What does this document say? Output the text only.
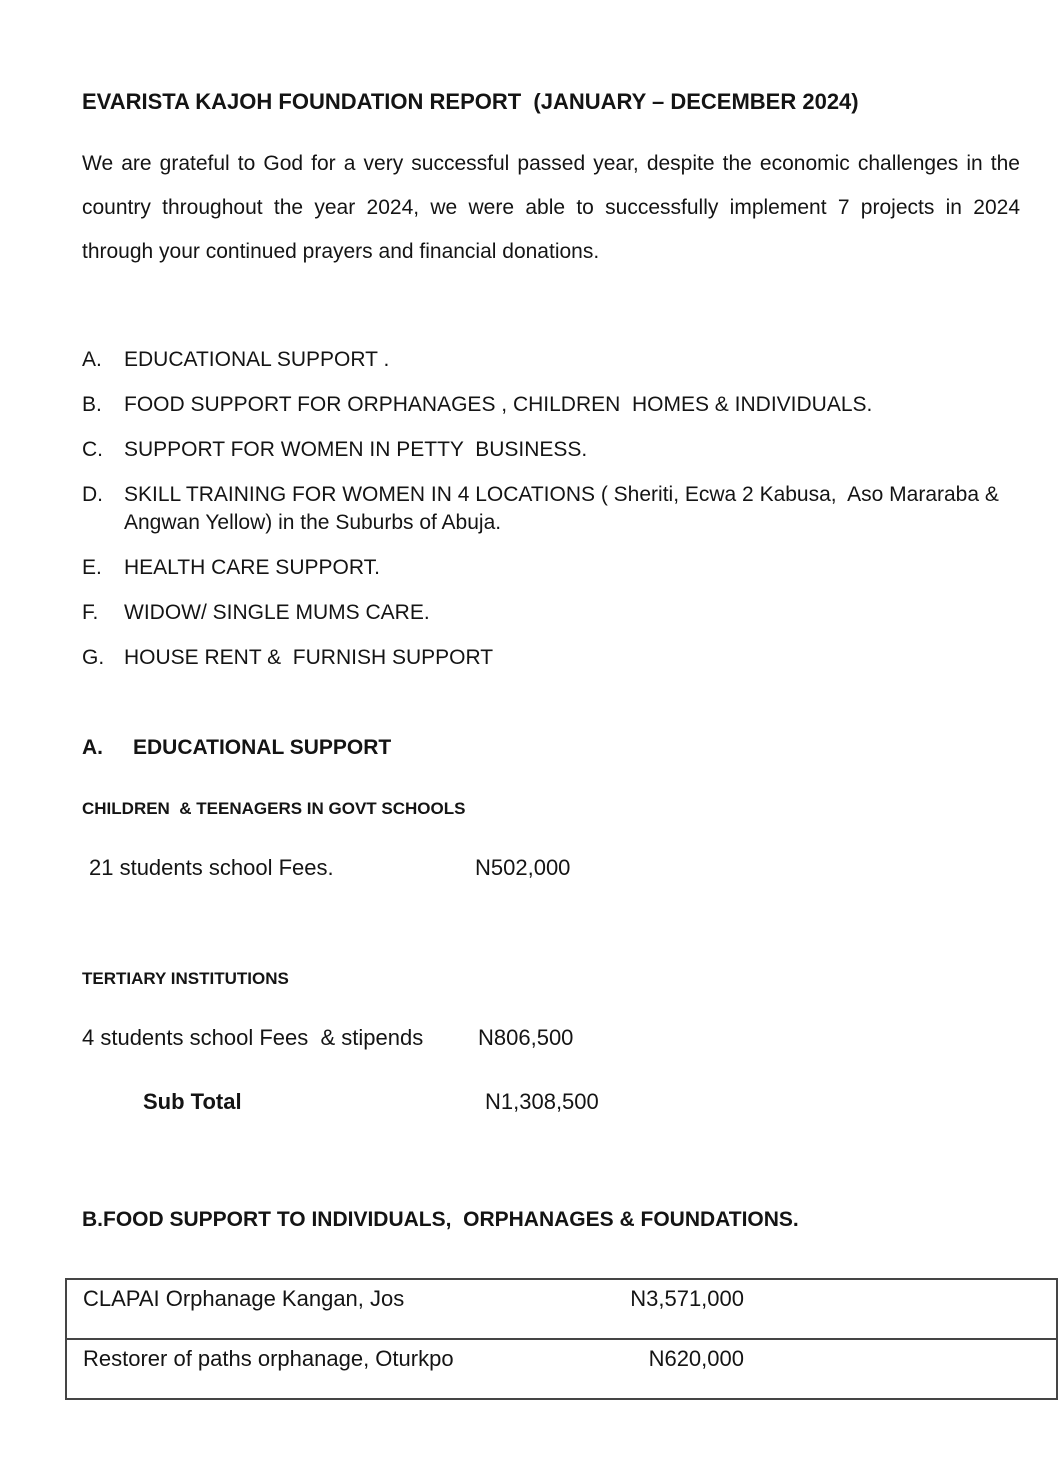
EVARISTA KAJOH FOUNDATION REPORT  (JANUARY – DECEMBER 2024)
We are grateful to God for a very successful passed year, despite the economic challenges in the country throughout the year 2024, we were able to successfully implement 7 projects in 2024 through your continued prayers and financial donations.
A.	EDUCATIONAL SUPPORT .
B.	FOOD SUPPORT FOR ORPHANAGES , CHILDREN  HOMES & INDIVIDUALS.
C.	SUPPORT FOR WOMEN IN PETTY  BUSINESS.
D.	SKILL TRAINING FOR WOMEN IN 4 LOCATIONS ( Sheriti, Ecwa 2 Kabusa,  Aso Mararaba & Angwan Yellow) in the Suburbs of Abuja.
E.	HEALTH CARE SUPPORT.
F.	WIDOW/ SINGLE MUMS CARE.
G. HOUSE RENT &  FURNISH SUPPORT
A.	EDUCATIONAL SUPPORT
CHILDREN  & TEENAGERS IN GOVT SCHOOLS
21 students school Fees.	N502,000
TERTIARY INSTITUTIONS
4 students school Fees  & stipends	N806,500
Sub Total	N1,308,500
B.FOOD SUPPORT TO INDIVIDUALS,  ORPHANAGES & FOUNDATIONS.
CLAPAI Orphanage Kangan, Jos	N3,571,000
Restorer of paths orphanage, Oturkpo	N620,000
